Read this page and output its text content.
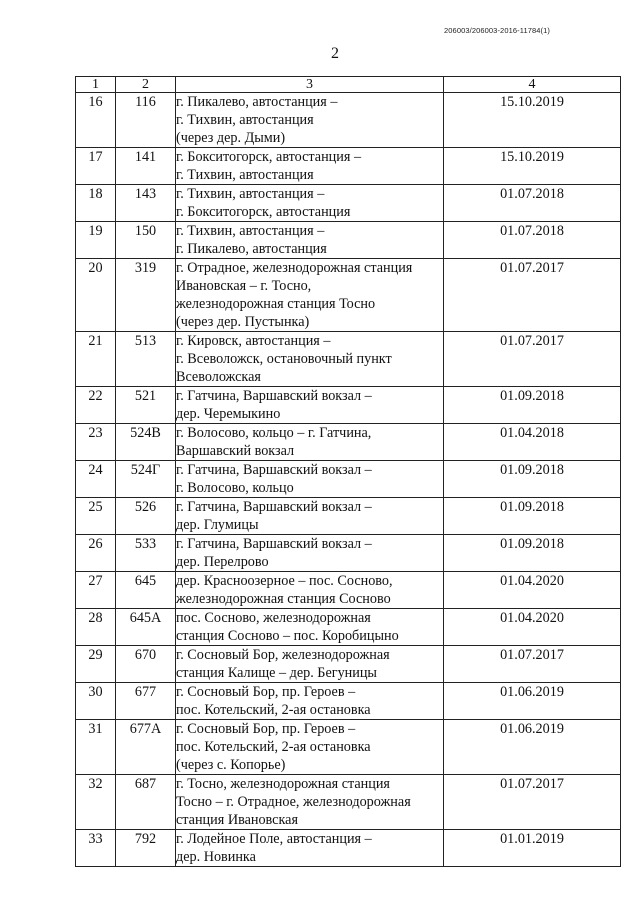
206003/206003-2016-11784(1)
2
1	2	3	4
16	116	г. Пикалево, автостанция –
г. Тихвин, автостанция
(через дер. Дыми)	15.10.2019
17	141	г. Бокситогорск, автостанция –
г. Тихвин, автостанция	15.10.2019
18	143	г. Тихвин, автостанция –
г. Бокситогорск, автостанция	01.07.2018
19	150	г. Тихвин, автостанция –
г. Пикалево, автостанция	01.07.2018
20	319	г. Отрадное, железнодорожная станция
Ивановская – г. Тосно,
железнодорожная станция Тосно
(через дер. Пустынка)	01.07.2017
21	513	г. Кировск, автостанция –
г. Всеволожск, остановочный пункт
Всеволожская	01.07.2017
22	521	г. Гатчина, Варшавский вокзал –
дер. Черемыкино	01.09.2018
23	524В	г. Волосово, кольцо – г. Гатчина,
Варшавский вокзал	01.04.2018
24	524Г	г. Гатчина, Варшавский вокзал –
г. Волосово, кольцо	01.09.2018
25	526	г. Гатчина, Варшавский вокзал –
дер. Глумицы	01.09.2018
26	533	г. Гатчина, Варшавский вокзал –
дер. Перелрово	01.09.2018
27	645	дер. Красноозерное – пос. Сосново,
железнодорожная станция Сосново	01.04.2020
28	645А	пос. Сосново, железнодорожная
станция Сосново – пос. Коробицыно	01.04.2020
29	670	г. Сосновый Бор, железнодорожная
станция Калище – дер. Бегуницы	01.07.2017
30	677	г. Сосновый Бор, пр. Героев –
пос. Котельский, 2-ая остановка	01.06.2019
31	677А	г. Сосновый Бор, пр. Героев –
пос. Котельский, 2-ая остановка
(через с. Копорье)	01.06.2019
32	687	г. Тосно, железнодорожная станция
Тосно – г. Отрадное, железнодорожная
станция Ивановская	01.07.2017
33	792	г. Лодейное Поле, автостанция –
дер. Новинка	01.01.2019
